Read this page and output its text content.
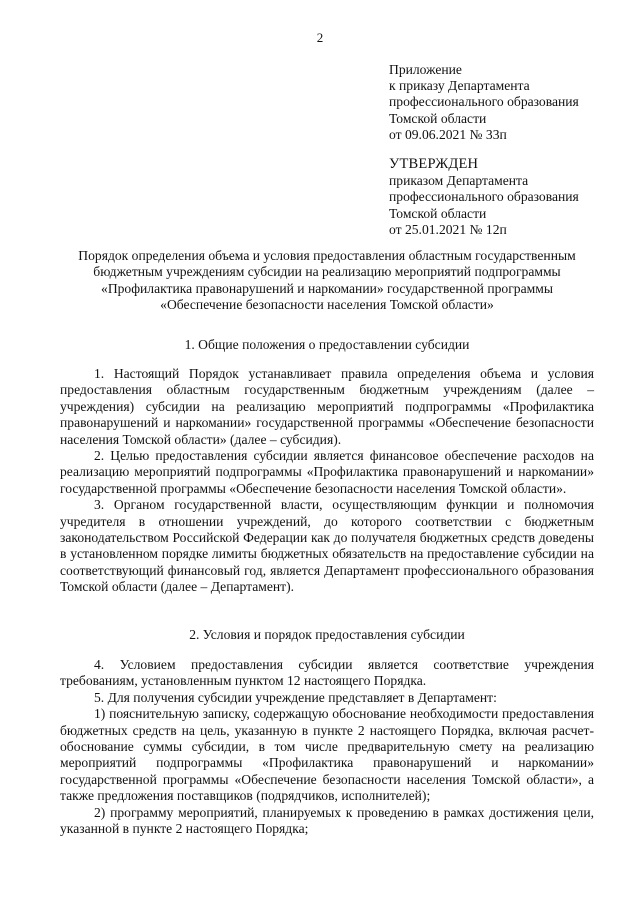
2
Приложение
к приказу Департамента
профессионального образования
Томской области
от 09.06.2021 № 33п
УТВЕРЖДЕН
приказом Департамента
профессионального образования
Томской области
от 25.01.2021 № 12п
Порядок определения объема и условия предоставления областным государственным бюджетным учреждениям субсидии на реализацию мероприятий подпрограммы «Профилактика правонарушений и наркомании» государственной программы «Обеспечение безопасности населения Томской области»
1. Общие положения о предоставлении субсидии

1. Настоящий Порядок устанавливает правила определения объема и условия предоставления областным государственным бюджетным учреждениям (далее – учреждения) субсидии на реализацию мероприятий подпрограммы «Профилактика правонарушений и наркомании» государственной программы «Обеспечение безопасности населения Томской области» (далее – субсидия).

2. Целью предоставления субсидии является финансовое обеспечение расходов на реализацию мероприятий подпрограммы «Профилактика правонарушений и наркомании» государственной программы «Обеспечение безопасности населения Томской области».

3. Органом государственной власти, осуществляющим функции и полномочия учредителя в отношении учреждений, до которого соответствии с бюджетным законодательством Российской Федерации как до получателя бюджетных средств доведены в установленном порядке лимиты бюджетных обязательств на предоставление субсидии на соответствующий финансовый год, является Департамент профессионального образования Томской области (далее – Департамент).

2. Условия и порядок предоставления субсидии

4. Условием предоставления субсидии является соответствие учреждения требованиям, установленным пунктом 12 настоящего Порядка.

5. Для получения субсидии учреждение представляет в Департамент:

1) пояснительную записку, содержащую обоснование необходимости предоставления бюджетных средств на цель, указанную в пункте 2 настоящего Порядка, включая расчет-обоснование суммы субсидии, в том числе предварительную смету на реализацию мероприятий подпрограммы «Профилактика правонарушений и наркомании» государственной программы «Обеспечение безопасности населения Томской области», а также предложения поставщиков (подрядчиков, исполнителей);

2) программу мероприятий, планируемых к проведению в рамках достижения цели, указанной в пункте 2 настоящего Порядка;
